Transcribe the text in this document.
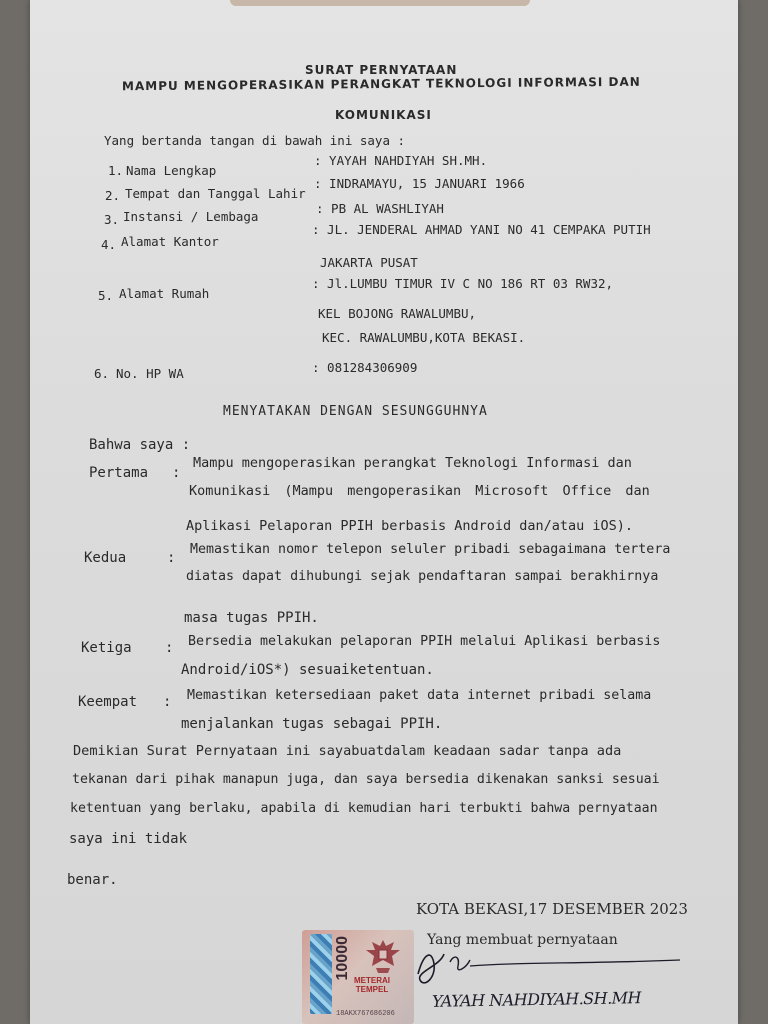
SURAT PERNYATAAN
MAMPU MENGOPERASIKAN PERANGKAT TEKNOLOGI INFORMASI DAN
KOMUNIKASI
Yang bertanda tangan di bawah ini saya :
1. Nama Lengkap
: YAYAH NAHDIYAH SH.MH.
2. Tempat dan Tanggal Lahir
: INDRAMAYU, 15 JANUARI 1966
3. Instansi / Lembaga
: PB AL WASHLIYAH
4. Alamat Kantor
: JL. JENDERAL AHMAD YANI NO 41 CEMPAKA PUTIH
JAKARTA PUSAT
5. Alamat Rumah
: Jl.LUMBU TIMUR IV C NO 186 RT 03 RW32,
KEL BOJONG RAWALUMBU,
KEC. RAWALUMBU,KOTA BEKASI.
6. No. HP WA	: 081284306909
MENYATAKAN DENGAN SESUNGGUHNYA
Bahwa saya :
Pertama :
Mampu mengoperasikan perangkat Teknologi Informasi dan
Komunikasi (Mampu mengoperasikan Microsoft Office dan
Aplikasi Pelaporan PPIH berbasis Android dan/atau iOS).
Kedua	:
Memastikan nomor telepon seluler pribadi sebagaimana tertera
diatas dapat dihubungi sejak pendaftaran sampai berakhirnya
masa tugas PPIH.
Ketiga : Bersedia melakukan pelaporan PPIH melalui Aplikasi berbasis
Android/iOS*) sesuaiketentuan.
Keempat : Memastikan ketersediaan paket data internet pribadi selama
menjalankan tugas sebagai PPIH.
Demikian Surat Pernyataan ini sayabuatdalam keadaan sadar tanpa ada
tekanan dari pihak manapun juga, dan saya bersedia dikenakan sanksi sesuai
ketentuan yang berlaku, apabila di kemudian hari terbukti bahwa pernyataan
saya ini tidak
benar.
KOTA BEKASI,17 DESEMBER 2023
10000 METERAI
TEMPEL
18AKX767686206
Yang membuat pernyataan
YAYAH NAHDIYAH.SH.MH
